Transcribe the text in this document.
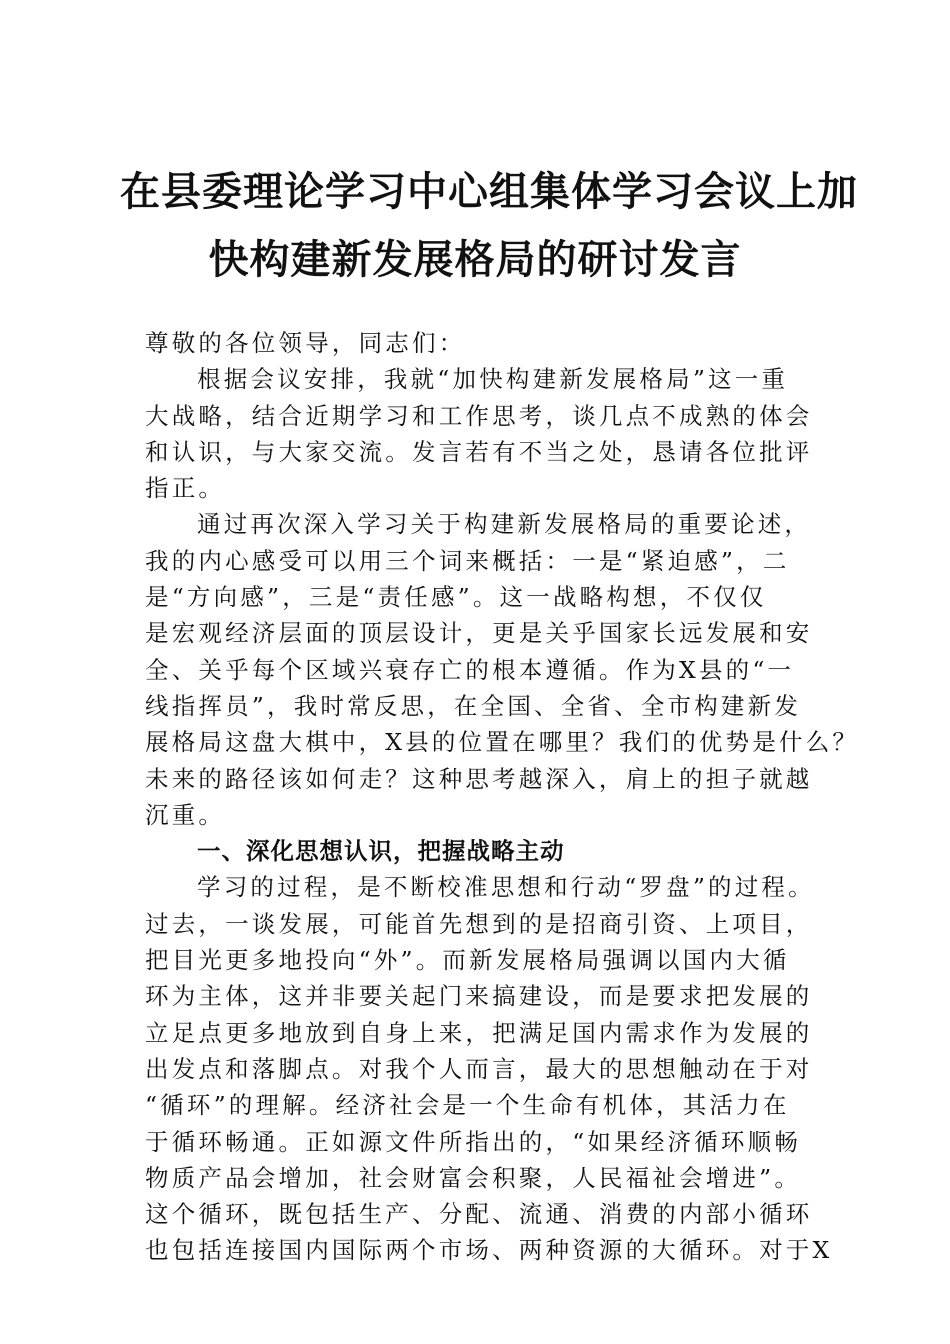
在县委理论学习中心组集体学习会议上加
快构建新发展格局的研讨发言
尊敬的各位领导，同志们：
根据会议安排，我就“加快构建新发展格局”这一重
大战略，结合近期学习和工作思考，谈几点不成熟的体会
和认识，与大家交流。发言若有不当之处，恳请各位批评
指正。
通过再次深入学习关于构建新发展格局的重要论述，
我的内心感受可以用三个词来概括：一是“紧迫感”，二
是“方向感”，三是“责任感”。这一战略构想，不仅仅
是宏观经济层面的顶层设计，更是关乎国家长远发展和安
全、关乎每个区域兴衰存亡的根本遵循。作为X县的“一
线指挥员”，我时常反思，在全国、全省、全市构建新发
展格局这盘大棋中，X县的位置在哪里？我们的优势是什么？
未来的路径该如何走？这种思考越深入，肩上的担子就越
沉重。
一、深化思想认识，把握战略主动
学习的过程，是不断校准思想和行动“罗盘”的过程。
过去，一谈发展，可能首先想到的是招商引资、上项目，
把目光更多地投向“外”。而新发展格局强调以国内大循
环为主体，这并非要关起门来搞建设，而是要求把发展的
立足点更多地放到自身上来，把满足国内需求作为发展的
出发点和落脚点。对我个人而言，最大的思想触动在于对
“循环”的理解。经济社会是一个生命有机体，其活力在
于循环畅通。正如源文件所指出的，“如果经济循环顺畅
物质产品会增加，社会财富会积聚，人民福祉会增进”。
这个循环，既包括生产、分配、流通、消费的内部小循环
也包括连接国内国际两个市场、两种资源的大循环。对于X
